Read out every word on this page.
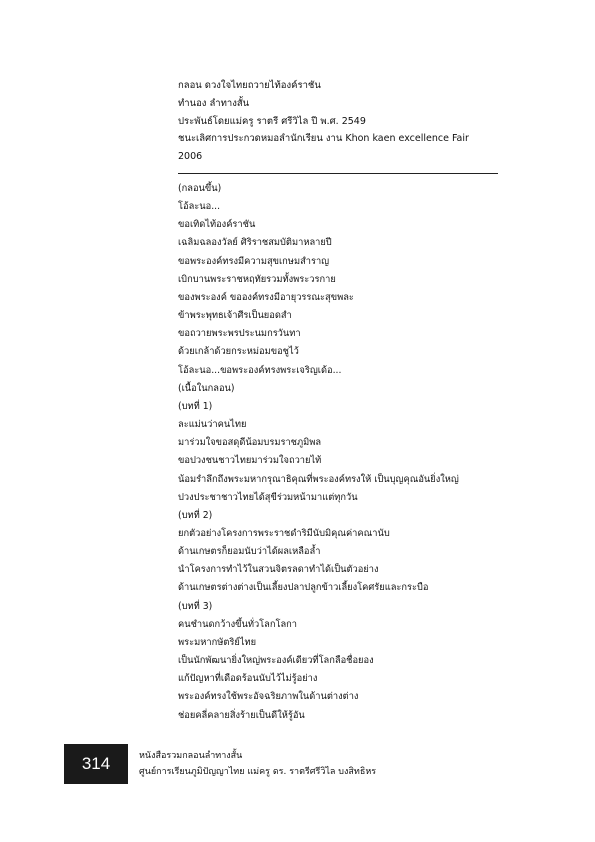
กลอน ดวงใจไทยถวายไท้องค์ราชัน
ทำนอง ลำทางสั้น
ประพันธ์โดยแม่ครู ราตรี ศรีวิไล ปี พ.ศ. 2549
ชนะเลิศการประกวดหมอลำนักเรียน งาน Khon kaen excellence Fair
2006
(กลอนขึ้น)
โอ้ละนอ...
ขอเทิดไท้องค์ราชัน
เฉลิมฉลองวัลย์ ศิริราชสมบัติมาหลายปี
ขอพระองค์ทรงมีความสุขเกษมสำราญ
เบิกบานพระราชหฤทัยรวมทั้งพระวรกาย
ของพระองค์ ขอองค์ทรงมีอายุวรรณะสุขพละ
ข้าพระพุทธเจ้าศีรเป็นยอดสำ
ขอถวายพระพรประนมกรวันทา
ด้วยเกล้าด้วยกระหม่อมขอชูไว้
โอ้ละนอ...ขอพระองค์ทรงพระเจริญเด้อ...
(เนื้อในกลอน)
(บทที่ 1)
ละแม่นว่าคนไทย
มาร่วมใจขอสดุดีน้อมบรมราชภูมิพล
ขอปวงชนชาวไทยมาร่วมใจถวายไท้
น้อมรำลึกถึงพระมหากรุณาธิคุณที่พระองค์ทรงให้ เป็นบุญคุณอันยิ่งใหญ่
ปวงประชาชาวไทยได้สุขีร่วมหน้ามาแต่ทุกวัน
(บทที่ 2)
ยกตัวอย่างโครงการพระราชดำริมีนับมิคุณค่าคณานับ
ด้านเกษตรก็ยอมนับว่าได้ผลเหลือล้ำ
นำโครงการทำไว้ในสวนจิตรลดาทำได้เป็นตัวอย่าง
ด้านเกษตรต่างต่างเป็นเลี้ยงปลาปลูกข้าวเลี้ยงโคศรัยและกระบือ
(บทที่ 3)
คนชำนดกว้างขึ้นทั่วโลกโลกา
พระมหากษัตริย์ไทย
เป็นนักพัฒนายิ่งใหญ่พระองค์เดียวที่โลกลือชื่อยอง
แก้ปัญหาที่เดือดร้อนนับไว้ไม่รู้อย่าง
พระองค์ทรงใช้พระอัจฉริยภาพในด้านต่างต่าง
ช่อยคลี่คลายสิ่งร้ายเป็นดีให้รู้อัน
314	หนังสือรวมกลอนลำทางสั้น
ศูนย์การเรียนภูมิปัญญาไทย แม่ครู ดร. ราตรีศรีวิไล บงสิทธิหร
